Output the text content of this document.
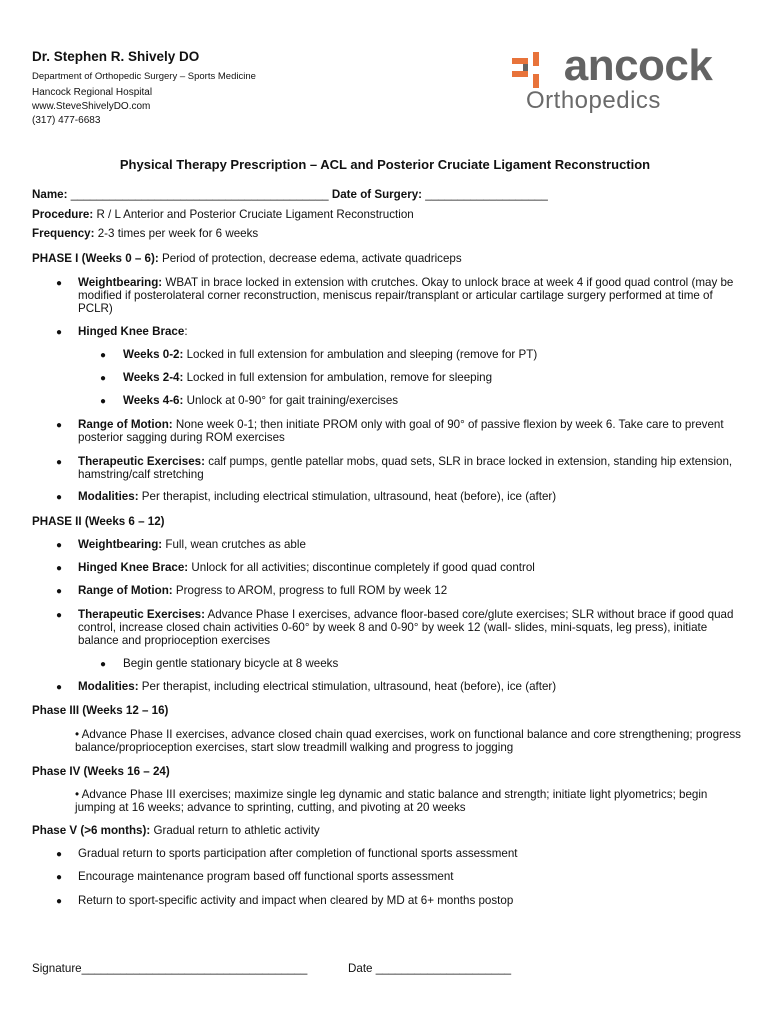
Dr. Stephen R. Shively DO
Department of Orthopedic Surgery – Sports Medicine
Hancock Regional Hospital
www.SteveShivelyDO.com
(317) 477-6683
ancock
Orthopedics
Physical Therapy Prescription – ACL and Posterior Cruciate Ligament Reconstruction
Name: ________________________________________ Date of Surgery: ___________________
Procedure: R / L Anterior and Posterior Cruciate Ligament Reconstruction
Frequency: 2-3 times per week for 6 weeks
PHASE I (Weeks 0 – 6): Period of protection, decrease edema, activate quadriceps
● Weightbearing: WBAT in brace locked in extension with crutches. Okay to unlock brace at week 4 if good quad control (may be modified if posterolateral corner reconstruction, meniscus repair/transplant or articular cartilage surgery performed at time of PCLR)
● Hinged Knee Brace:
● Weeks 0-2: Locked in full extension for ambulation and sleeping (remove for PT)
● Weeks 2-4: Locked in full extension for ambulation, remove for sleeping
● Weeks 4-6: Unlock at 0-90° for gait training/exercises
● Range of Motion: None week 0-1; then initiate PROM only with goal of 90° of passive flexion by week 6. Take care to prevent posterior sagging during ROM exercises
● Therapeutic Exercises: calf pumps, gentle patellar mobs, quad sets, SLR in brace locked in extension, standing hip extension, hamstring/calf stretching
● Modalities: Per therapist, including electrical stimulation, ultrasound, heat (before), ice (after)
PHASE II (Weeks 6 – 12)
● Weightbearing: Full, wean crutches as able
● Hinged Knee Brace: Unlock for all activities; discontinue completely if good quad control
● Range of Motion: Progress to AROM, progress to full ROM by week 12
● Therapeutic Exercises: Advance Phase I exercises, advance floor-based core/glute exercises; SLR without brace if good quad control, increase closed chain activities 0-60° by week 8 and 0-90° by week 12 (wall- slides, mini-squats, leg press), initiate balance and proprioception exercises
● Begin gentle stationary bicycle at 8 weeks
● Modalities: Per therapist, including electrical stimulation, ultrasound, heat (before), ice (after)
Phase III (Weeks 12 – 16)
• Advance Phase II exercises, advance closed chain quad exercises, work on functional balance and core strengthening; progress balance/proprioception exercises, start slow treadmill walking and progress to jogging
Phase IV (Weeks 16 – 24)
• Advance Phase III exercises; maximize single leg dynamic and static balance and strength; initiate light plyometrics; begin jumping at 16 weeks; advance to sprinting, cutting, and pivoting at 20 weeks
Phase V (>6 months): Gradual return to athletic activity
● Gradual return to sports participation after completion of functional sports assessment
● Encourage maintenance program based off functional sports assessment
● Return to sport-specific activity and impact when cleared by MD at 6+ months postop
Signature___________________________________	Date _____________________
